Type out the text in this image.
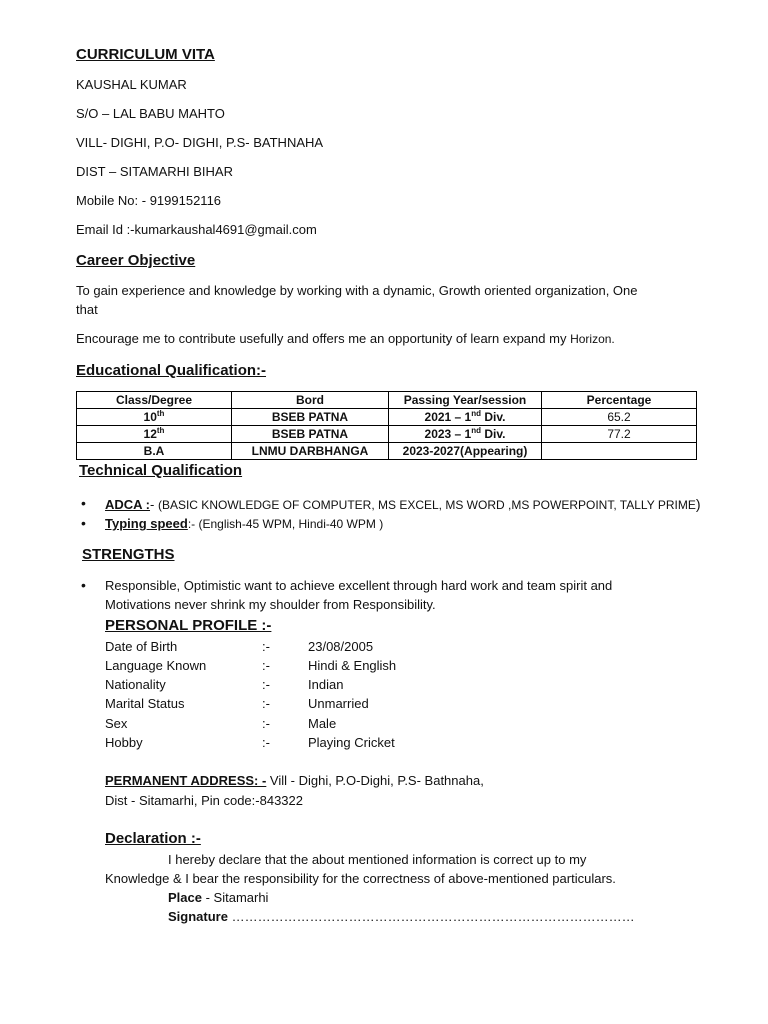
CURRICULUM VITA
KAUSHAL KUMAR
S/O – LAL BABU MAHTO
VILL- DIGHI, P.O- DIGHI, P.S- BATHNAHA
DIST – SITAMARHI BIHAR
Mobile No: - 9199152116
Email Id :-kumarkaushal4691@gmail.com
Career Objective
To gain experience and knowledge by working with a dynamic, Growth oriented organization, One
that
Encourage me to contribute usefully and offers me an opportunity of learn expand my Horizon.
Educational Qualification:-
Class/Degree	Bord	Passing Year/session	Percentage
10th	BSEB PATNA	2021 – 1nd Div.	65.2
12th	BSEB PATNA	2023 – 1nd Div.	77.2
B.A	LNMU DARBHANGA	2023-2027(Appearing)	
Technical Qualification
• ADCA :- (BASIC KNOWLEDGE OF COMPUTER, MS EXCEL, MS WORD ,MS POWERPOINT, TALLY PRIME)
• Typing speed:- (English-45 WPM, Hindi-40 WPM )
STRENGTHS
• Responsible, Optimistic want to achieve excellent through hard work and team spirit and
Motivations never shrink my shoulder from Responsibility.
PERSONAL PROFILE :-
Date of Birth	:-	23/08/2005
Language Known	:-	Hindi & English
Nationality	:-	Indian
Marital Status	:-	Unmarried
Sex	:-	Male
Hobby	:-	Playing Cricket
PERMANENT ADDRESS: - Vill - Dighi, P.O-Dighi, P.S- Bathnaha,
Dist - Sitamarhi, Pin code:-843322
Declaration :-
I hereby declare that the about mentioned information is correct up to my
Knowledge & I bear the responsibility for the correctness of above-mentioned particulars.
Place - Sitamarhi
Signature …………………………………………………………………………………
